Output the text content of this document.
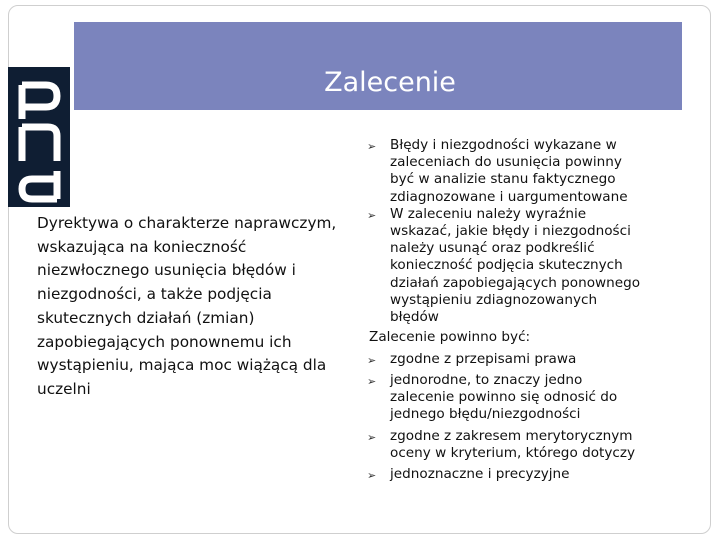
Zalecenie
Dyrektywa o charakterze naprawczym,
wskazująca na konieczność
niezwłocznego usunięcia błędów i
niezgodności, a także podjęcia
skutecznych działań (zmian)
zapobiegających ponownemu ich
wystąpieniu, mająca moc wiążącą dla
uczelni
➢ Błędy i niezgodności wykazane w
zaleceniach do usunięcia powinny
być w analizie stanu faktycznego
zdiagnozowane i uargumentowane
➢ W zaleceniu należy wyraźnie
wskazać, jakie błędy i niezgodności
należy usunąć oraz podkreślić
konieczność podjęcia skutecznych
działań zapobiegających ponownego
wystąpieniu zdiagnozowanych
błędów
Zalecenie powinno być:
➢ zgodne z przepisami prawa
➢ jednorodne, to znaczy jedno
zalecenie powinno się odnosić do
jednego błędu/niezgodności
➢ zgodne z zakresem merytorycznym
oceny w kryterium, którego dotyczy
➢ jednoznaczne i precyzyjne
